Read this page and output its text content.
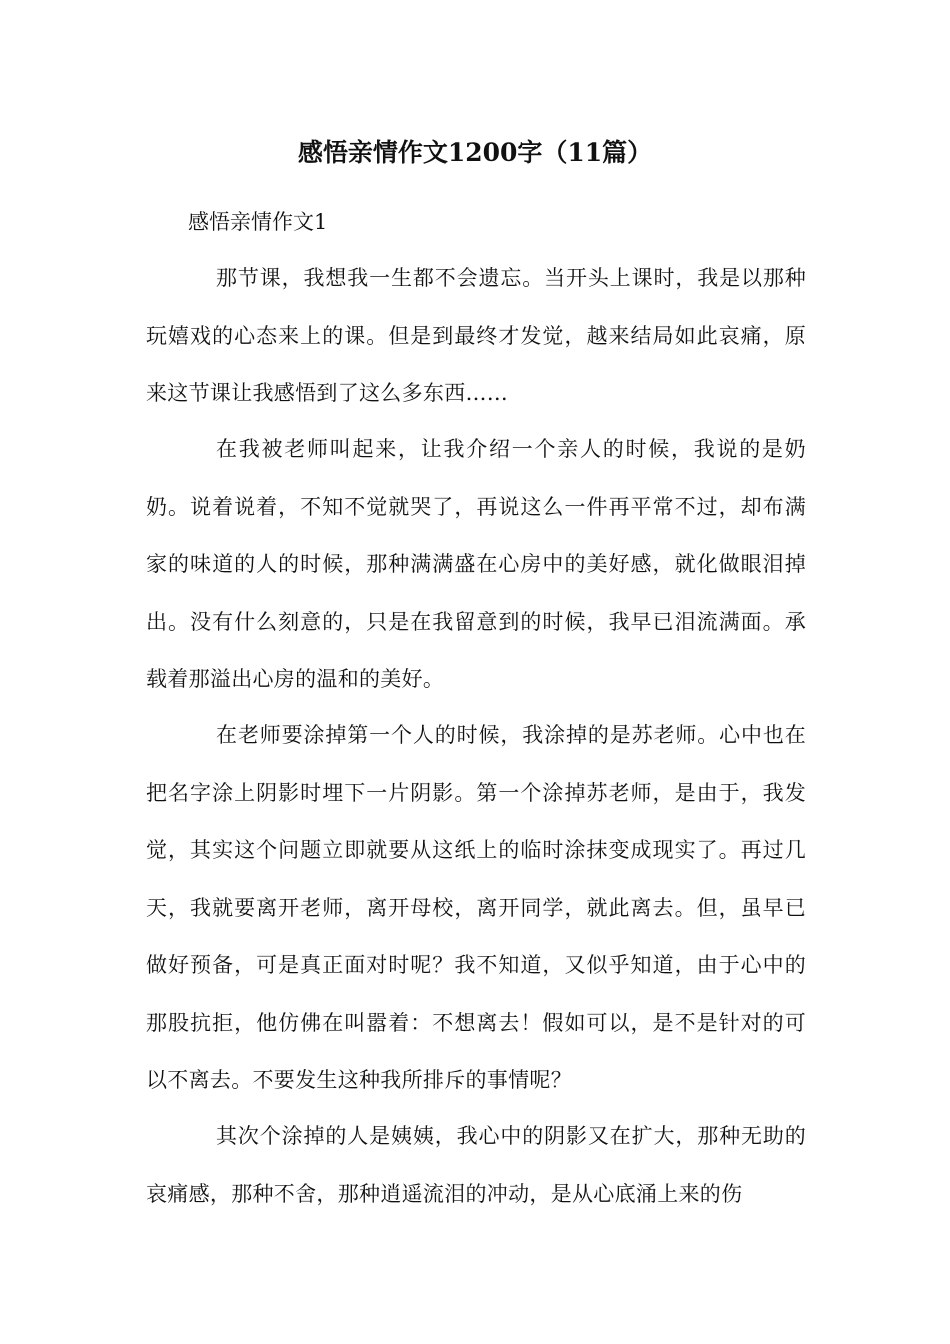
感悟亲情作文1200字（11篇）

感悟亲情作文1

那节课，我想我一生都不会遗忘。当开头上课时，我是以那种玩嬉戏的心态来上的课。但是到最终才发觉，越来结局如此哀痛，原来这节课让我感悟到了这么多东西……

在我被老师叫起来，让我介绍一个亲人的时候，我说的是奶奶。说着说着，不知不觉就哭了，再说这么一件再平常不过，却布满家的味道的人的时候，那种满满盛在心房中的美好感，就化做眼泪掉出。没有什么刻意的，只是在我留意到的时候，我早已泪流满面。承载着那溢出心房的温和的美好。

在老师要涂掉第一个人的时候，我涂掉的是苏老师。心中也在把名字涂上阴影时埋下一片阴影。第一个涂掉苏老师，是由于，我发觉，其实这个问题立即就要从这纸上的临时涂抹变成现实了。再过几天，我就要离开老师，离开母校，离开同学，就此离去。但，虽早已做好预备，可是真正面对时呢？我不知道，又似乎知道，由于心中的那股抗拒，他仿佛在叫嚣着：不想离去！假如可以，是不是针对的可以不离去。不要发生这种我所排斥的事情呢？

其次个涂掉的人是姨姨，我心中的阴影又在扩大，那种无助的哀痛感，那种不舍，那种逍遥流泪的冲动，是从心底涌上来的伤
